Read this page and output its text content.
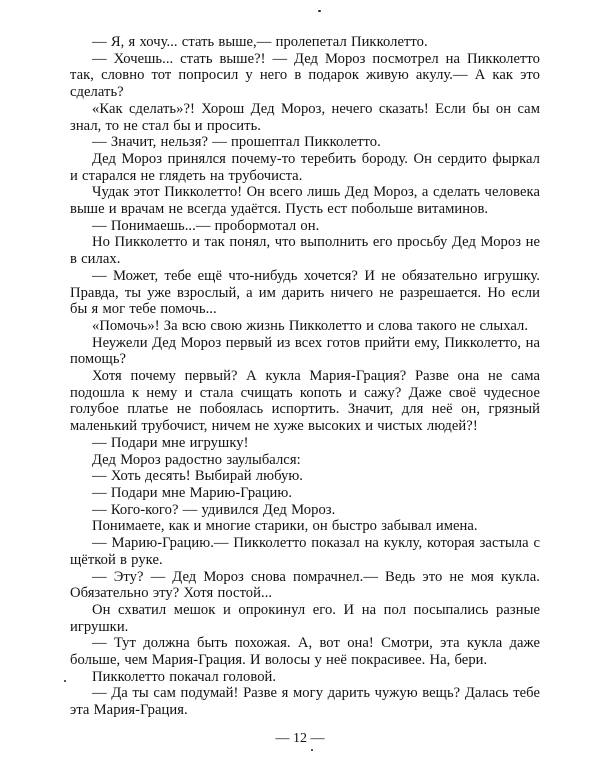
— Я, я хочу... стать выше,— пролепетал Пикколетто.

— Хочешь... стать выше?! — Дед Мороз посмотрел на Пикколетто так, словно тот попросил у него в подарок живую акулу.— А как это сделать?

«Как сделать»?! Хорош Дед Мороз, нечего сказать! Если бы он сам знал, то не стал бы и просить.

— Значит, нельзя? — прошептал Пикколетто.

Дед Мороз принялся почему-то теребить бороду. Он сердито фыркал и старался не глядеть на трубочиста.

Чудак этот Пикколетто! Он всего лишь Дед Мороз, а сделать человека выше и врачам не всегда удаётся. Пусть ест побольше витаминов.

— Понимаешь...— пробормотал он.

Но Пикколетто и так понял, что выполнить его просьбу Дед Мороз не в силах.

— Может, тебе ещё что-нибудь хочется? И не обязательно игрушку. Правда, ты уже взрослый, а им дарить ничего не разрешается. Но если бы я мог тебе помочь...

«Помочь»! За всю свою жизнь Пикколетто и слова такого не слыхал.

Неужели Дед Мороз первый из всех готов прийти ему, Пикколетто, на помощь?

Хотя почему первый? А кукла Мария-Грация? Разве она не сама подошла к нему и стала счищать копоть и сажу? Даже своё чудесное голубое платье не побоялась испортить. Значит, для неё он, грязный маленький трубочист, ничем не хуже высоких и чистых людей?!

— Подари мне игрушку!

Дед Мороз радостно заулыбался:

— Хоть десять! Выбирай любую.

— Подари мне Марию-Грацию.

— Кого-кого? — удивился Дед Мороз.

Понимаете, как и многие старики, он быстро забывал имена.

— Марию-Грацию.— Пикколетто показал на куклу, которая застыла с щёткой в руке.

— Эту? — Дед Мороз снова помрачнел.— Ведь это не моя кукла. Обязательно эту? Хотя постой...

Он схватил мешок и опрокинул его. И на пол посыпались разные игрушки.

— Тут должна быть похожая. А, вот она! Смотри, эта кукла даже больше, чем Мария-Грация. И волосы у неё покрасивее. На, бери.

Пикколетто покачал головой.

— Да ты сам подумай! Разве я могу дарить чужую вещь? Далась тебе эта Мария-Грация.

— 12 —
